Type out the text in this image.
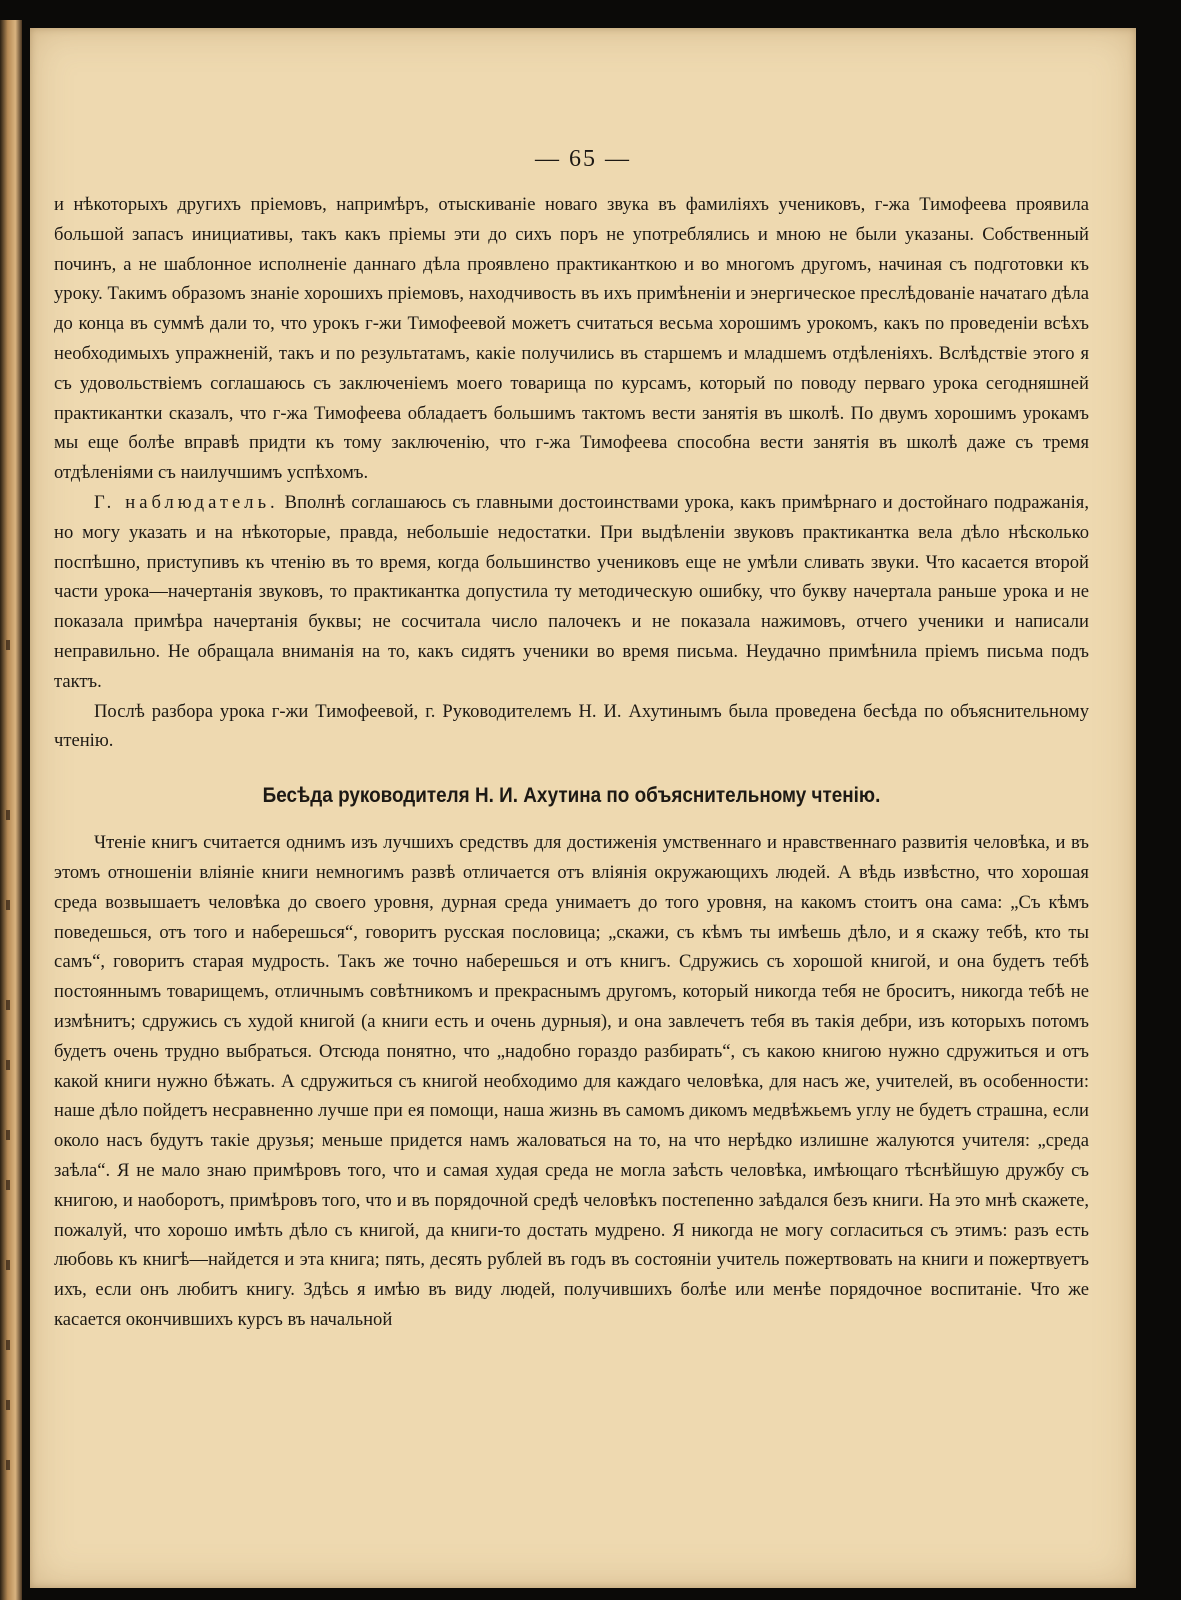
— 65 —

и нѣкоторыхъ другихъ пріемовъ, напримѣръ, отыскиваніе новаго звука въ фамиліяхъ учениковъ, г-жа Тимофеева проявила большой запасъ инициативы, такъ какъ пріемы эти до сихъ поръ не употреблялись и мною не были указаны. Собственный починъ, а не шаблонное исполненіе даннаго дѣла проявлено практиканткою и во многомъ другомъ, начиная съ подготовки къ уроку. Такимъ образомъ знаніе хорошихъ пріемовъ, находчивость въ ихъ примѣненіи и энергическое преслѣдованіе начатаго дѣла до конца въ суммѣ дали то, что урокъ г-жи Тимофеевой можетъ считаться весьма хорошимъ урокомъ, какъ по проведеніи всѣхъ необходимыхъ упражненій, такъ и по результатамъ, какіе получились въ старшемъ и младшемъ отдѣленіяхъ. Вслѣдствіе этого я съ удовольствіемъ соглашаюсь съ заключеніемъ моего товарища по курсамъ, который по поводу перваго урока сегодняшней практикантки сказалъ, что г-жа Тимофеева обладаетъ большимъ тактомъ вести занятія въ школѣ. По двумъ хорошимъ урокамъ мы еще болѣе вправѣ придти къ тому заключенію, что г-жа Тимофеева способна вести занятія въ школѣ даже съ тремя отдѣленіями съ наилучшимъ успѣхомъ.

Г. наблюдатель. Вполнѣ соглашаюсь съ главными достоинствами урока, какъ примѣрнаго и достойнаго подражанія, но могу указать и на нѣкоторые, правда, небольшіе недостатки. При выдѣленіи звуковъ практикантка вела дѣло нѣсколько поспѣшно, приступивъ къ чтенію въ то время, когда большинство учениковъ еще не умѣли сливать звуки. Что касается второй части урока—начертанія звуковъ, то практикантка допустила ту методическую ошибку, что букву начертала раньше урока и не показала примѣра начертанія буквы; не сосчитала число палочекъ и не показала нажимовъ, отчего ученики и написали неправильно. Не обращала вниманія на то, какъ сидятъ ученики во время письма. Неудачно примѣнила пріемъ письма подъ тактъ.

Послѣ разбора урока г-жи Тимофеевой, г. Руководителемъ Н. И. Ахутинымъ была проведена бесѣда по объяснительному чтенію.

Бесѣда руководителя Н. И. Ахутина по объяснительному чтенію.

Чтеніе книгъ считается однимъ изъ лучшихъ средствъ для достиженія умственнаго и нравственнаго развитія человѣка, и въ этомъ отношеніи вліяніе книги немногимъ развѣ отличается отъ вліянія окружающихъ людей. А вѣдь извѣстно, что хорошая среда возвышаетъ человѣка до своего уровня, дурная среда унимаетъ до того уровня, на какомъ стоитъ она сама: „Съ кѣмъ поведешься, отъ того и наберешься“, говоритъ русская пословица; „скажи, съ кѣмъ ты имѣешь дѣло, и я скажу тебѣ, кто ты самъ“, говоритъ старая мудрость. Такъ же точно наберешься и отъ книгъ. Сдружись съ хорошой книгой, и она будетъ тебѣ постояннымъ товарищемъ, отличнымъ совѣтникомъ и прекраснымъ другомъ, который никогда тебя не броситъ, никогда тебѣ не измѣнитъ; сдружись съ худой книгой (а книги есть и очень дурныя), и она завлечетъ тебя въ такія дебри, изъ которыхъ потомъ будетъ очень трудно выбраться. Отсюда понятно, что „надобно гораздо разбирать“, съ какою книгою нужно сдружиться и отъ какой книги нужно бѣжать. А сдружиться съ книгой необходимо для каждаго человѣка, для насъ же, учителей, въ особенности: наше дѣло пойдетъ несравненно лучше при ея помощи, наша жизнь въ самомъ дикомъ медвѣжьемъ углу не будетъ страшна, если около насъ будутъ такіе друзья; меньше придется намъ жаловаться на то, на что нерѣдко излишне жалуются учителя: „среда заѣла“. Я не мало знаю примѣровъ того, что и самая худая среда не могла заѣсть человѣка, имѣющаго тѣснѣйшую дружбу съ книгою, и наоборотъ, примѣровъ того, что и въ порядочной средѣ человѣкъ постепенно заѣдался безъ книги. На это мнѣ скажете, пожалуй, что хорошо имѣть дѣло съ книгой, да книги-то достать мудрено. Я никогда не могу согласиться съ этимъ: разъ есть любовь къ книгѣ—найдется и эта книга; пять, десять рублей въ годъ въ состояніи учитель пожертвовать на книги и пожертвуетъ ихъ, если онъ любитъ книгу. Здѣсь я имѣю въ виду людей, получившихъ болѣе или менѣе порядочное воспитаніе. Что же касается окончившихъ курсъ въ начальной
